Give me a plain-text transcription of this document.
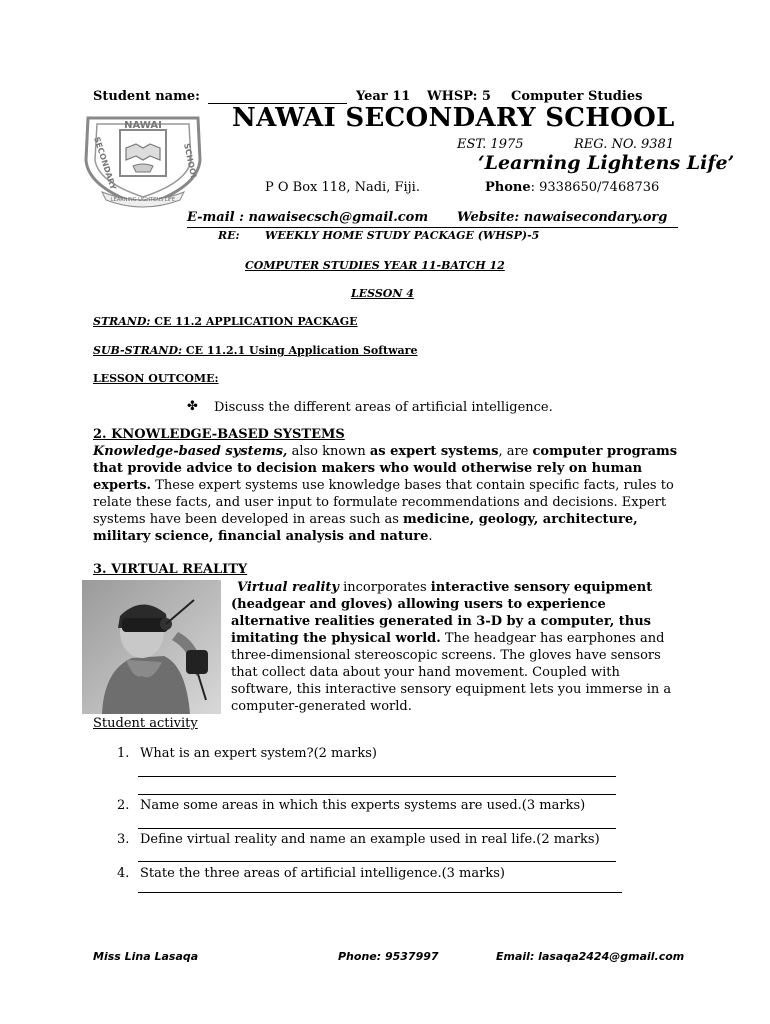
Student name:	Year 11 WHSP: 5 Computer Studies
NAWAI
SECONDARY	SCHOOL
LEARNING LIGHTENS LIFE
NAWAI SECONDARY SCHOOL
EST. 1975	REG. NO. 9381
‘Learning Lightens Life’
P O Box 118, Nadi, Fiji.	Phone: 9338650/7468736
E-mail : nawaisecsch@gmail.com Website: nawaisecondary.org
RE: WEEKLY HOME STUDY PACKAGE (WHSP)-5
COMPUTER STUDIES YEAR 11-BATCH 12
LESSON 4
STRAND: CE 11.2 APPLICATION PACKAGE
SUB-STRAND: CE 11.2.1 Using Application Software
LESSON OUTCOME:
✤ Discuss the different areas of artificial intelligence.
2. KNOWLEDGE-BASED SYSTEMS
Knowledge-based systems, also known as expert systems, are computer programs that provide advice to decision makers who would otherwise rely on human experts. These expert systems use knowledge bases that contain specific facts, rules to relate these facts, and user input to formulate recommendations and decisions. Expert systems have been developed in areas such as medicine, geology, architecture, military science, financial analysis and nature.
3. VIRTUAL REALITY
Virtual reality incorporates interactive sensory equipment (headgear and gloves) allowing users to experience alternative realities generated in 3-D by a computer, thus imitating the physical world. The headgear has earphones and three-dimensional stereoscopic screens. The gloves have sensors that collect data about your hand movement. Coupled with software, this interactive sensory equipment lets you immerse in a computer-generated world.
Student activity
1. What is an expert system?(2 marks)
2. Name some areas in which this experts systems are used.(3 marks)
3. Define virtual reality and name an example used in real life.(2 marks)
4. State the three areas of artificial intelligence.(3 marks)
Miss Lina Lasaqa	Phone: 9537997	Email: lasaqa2424@gmail.com
